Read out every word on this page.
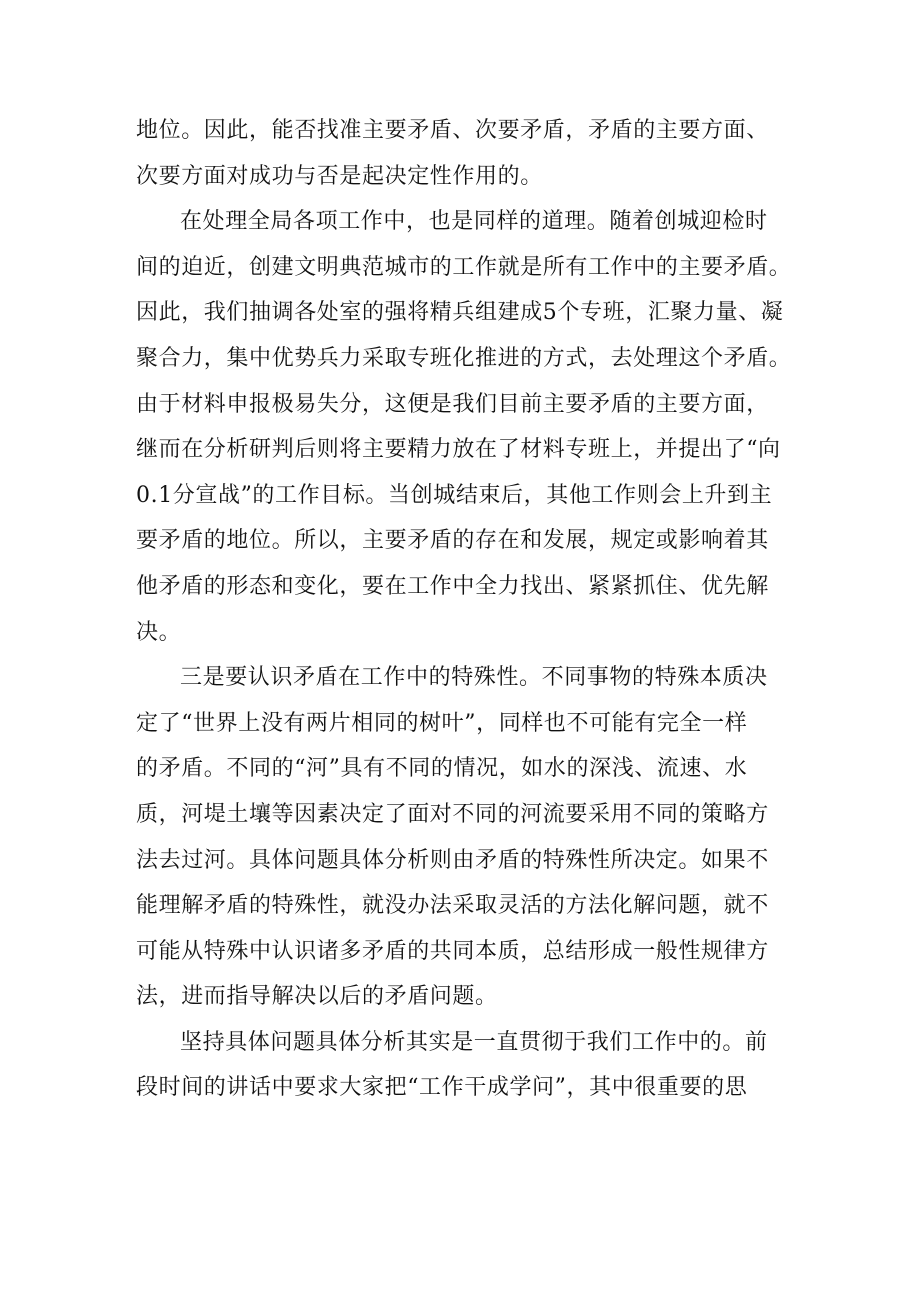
地位。因此，能否找准主要矛盾、次要矛盾，矛盾的主要方面、
次要方面对成功与否是起决定性作用的。
在处理全局各项工作中，也是同样的道理。随着创城迎检时
间的迫近，创建文明典范城市的工作就是所有工作中的主要矛盾。
因此，我们抽调各处室的强将精兵组建成5个专班，汇聚力量、凝
聚合力，集中优势兵力采取专班化推进的方式，去处理这个矛盾。
由于材料申报极易失分，这便是我们目前主要矛盾的主要方面，
继而在分析研判后则将主要精力放在了材料专班上，并提出了“向
0.1分宣战”的工作目标。当创城结束后，其他工作则会上升到主
要矛盾的地位。所以，主要矛盾的存在和发展，规定或影响着其
他矛盾的形态和变化，要在工作中全力找出、紧紧抓住、优先解
决。
三是要认识矛盾在工作中的特殊性。不同事物的特殊本质决
定了“世界上没有两片相同的树叶”，同样也不可能有完全一样
的矛盾。不同的“河”具有不同的情况，如水的深浅、流速、水
质，河堤土壤等因素决定了面对不同的河流要采用不同的策略方
法去过河。具体问题具体分析则由矛盾的特殊性所决定。如果不
能理解矛盾的特殊性，就没办法采取灵活的方法化解问题，就不
可能从特殊中认识诸多矛盾的共同本质，总结形成一般性规律方
法，进而指导解决以后的矛盾问题。
坚持具体问题具体分析其实是一直贯彻于我们工作中的。前
段时间的讲话中要求大家把“工作干成学问”，其中很重要的思
